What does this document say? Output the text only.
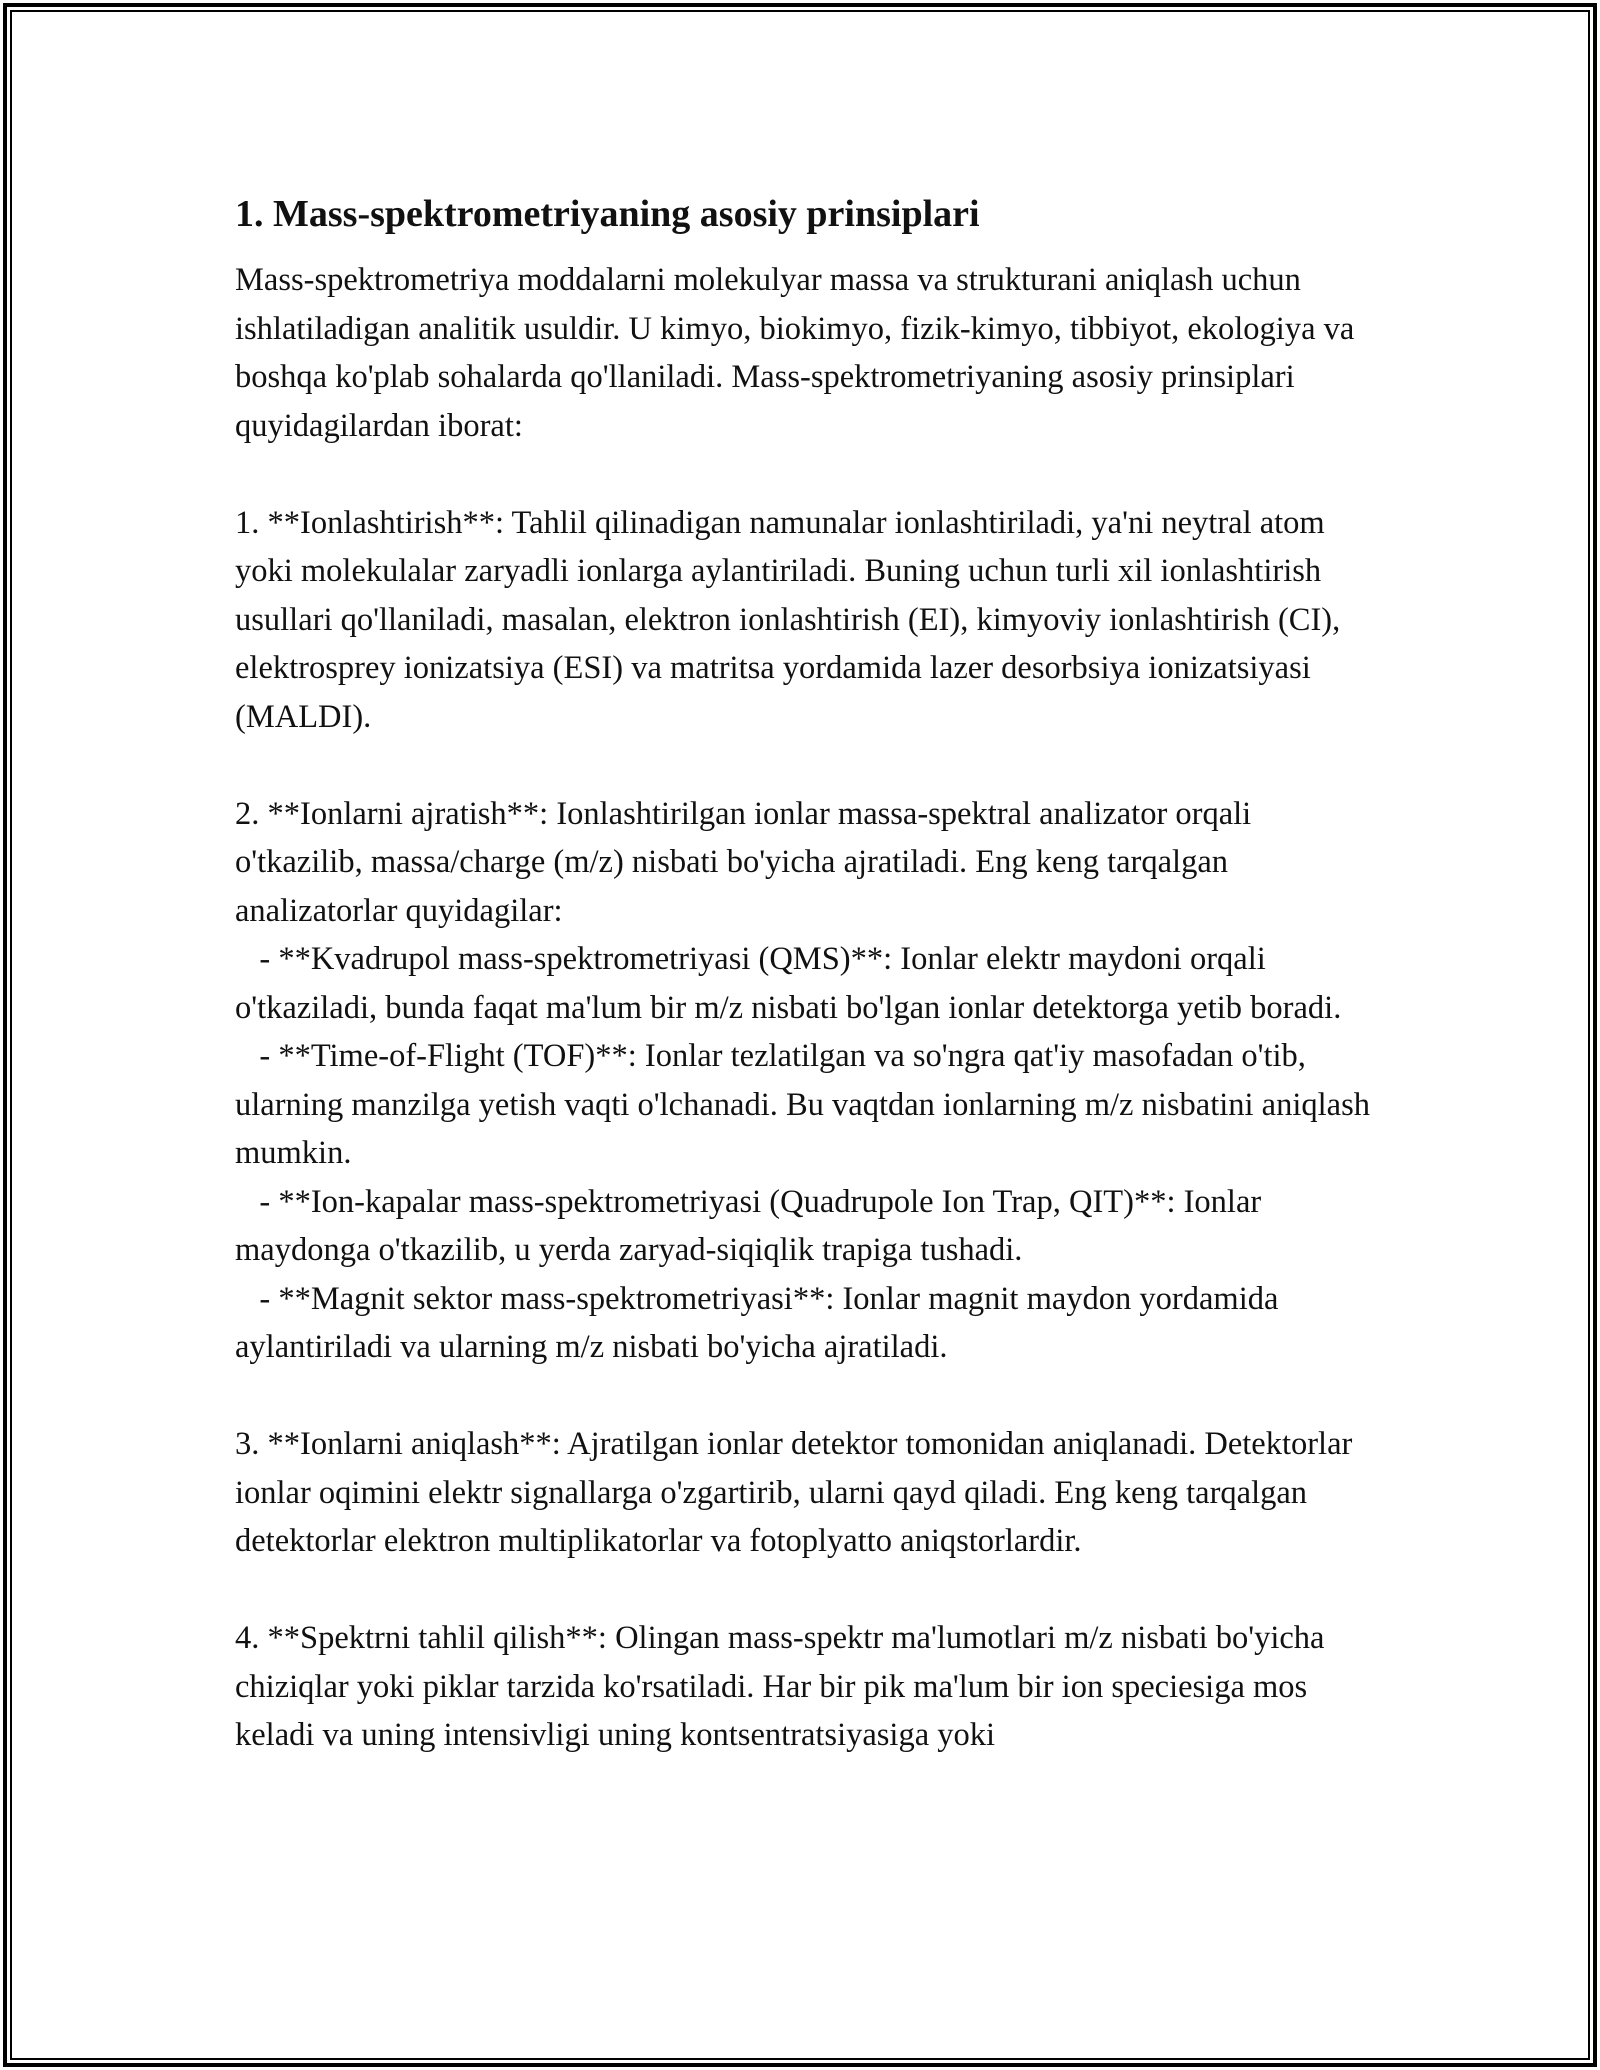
1. Mass-spektrometriyaning asosiy prinsiplari

Mass-spektrometriya moddalarni molekulyar massa va strukturani aniqlash uchun ishlatiladigan analitik usuldir. U kimyo, biokimyo, fizik-kimyo, tibbiyot, ekologiya va boshqa ko'plab sohalarda qo'llaniladi. Mass-spektrometriyaning asosiy prinsiplari quyidagilardan iborat:

1. **Ionlashtirish**: Tahlil qilinadigan namunalar ionlashtiriladi, ya'ni neytral atom yoki molekulalar zaryadli ionlarga aylantiriladi. Buning uchun turli xil ionlashtirish usullari qo'llaniladi, masalan, elektron ionlashtirish (EI), kimyoviy ionlashtirish (CI), elektrosprey ionizatsiya (ESI) va matritsa yordamida lazer desorbsiya ionizatsiyasi (MALDI).

2. **Ionlarni ajratish**: Ionlashtirilgan ionlar massa-spektral analizator orqali o'tkazilib, massa/charge (m/z) nisbati bo'yicha ajratiladi. Eng keng tarqalgan analizatorlar quyidagilar:
- **Kvadrupol mass-spektrometriyasi (QMS)**: Ionlar elektr maydoni orqali o'tkaziladi, bunda faqat ma'lum bir m/z nisbati bo'lgan ionlar detektorga yetib boradi.
- **Time-of-Flight (TOF)**: Ionlar tezlatilgan va so'ngra qat'iy masofadan o'tib, ularning manzilga yetish vaqti o'lchanadi. Bu vaqtdan ionlarning m/z nisbatini aniqlash mumkin.
- **Ion-kapalar mass-spektrometriyasi (Quadrupole Ion Trap, QIT)**: Ionlar maydonga o'tkazilib, u yerda zaryad-siqiqlik trapiga tushadi.
- **Magnit sektor mass-spektrometriyasi**: Ionlar magnit maydon yordamida aylantiriladi va ularning m/z nisbati bo'yicha ajratiladi.

3. **Ionlarni aniqlash**: Ajratilgan ionlar detektor tomonidan aniqlanadi. Detektorlar ionlar oqimini elektr signallarga o'zgartirib, ularni qayd qiladi. Eng keng tarqalgan detektorlar elektron multiplikatorlar va fotoplyatto aniqstorlardir.

4. **Spektrni tahlil qilish**: Olingan mass-spektr ma'lumotlari m/z nisbati bo'yicha chiziqlar yoki piklar tarzida ko'rsatiladi. Har bir pik ma'lum bir ion speciesiga mos keladi va uning intensivligi uning kontsentratsiyasiga yoki
